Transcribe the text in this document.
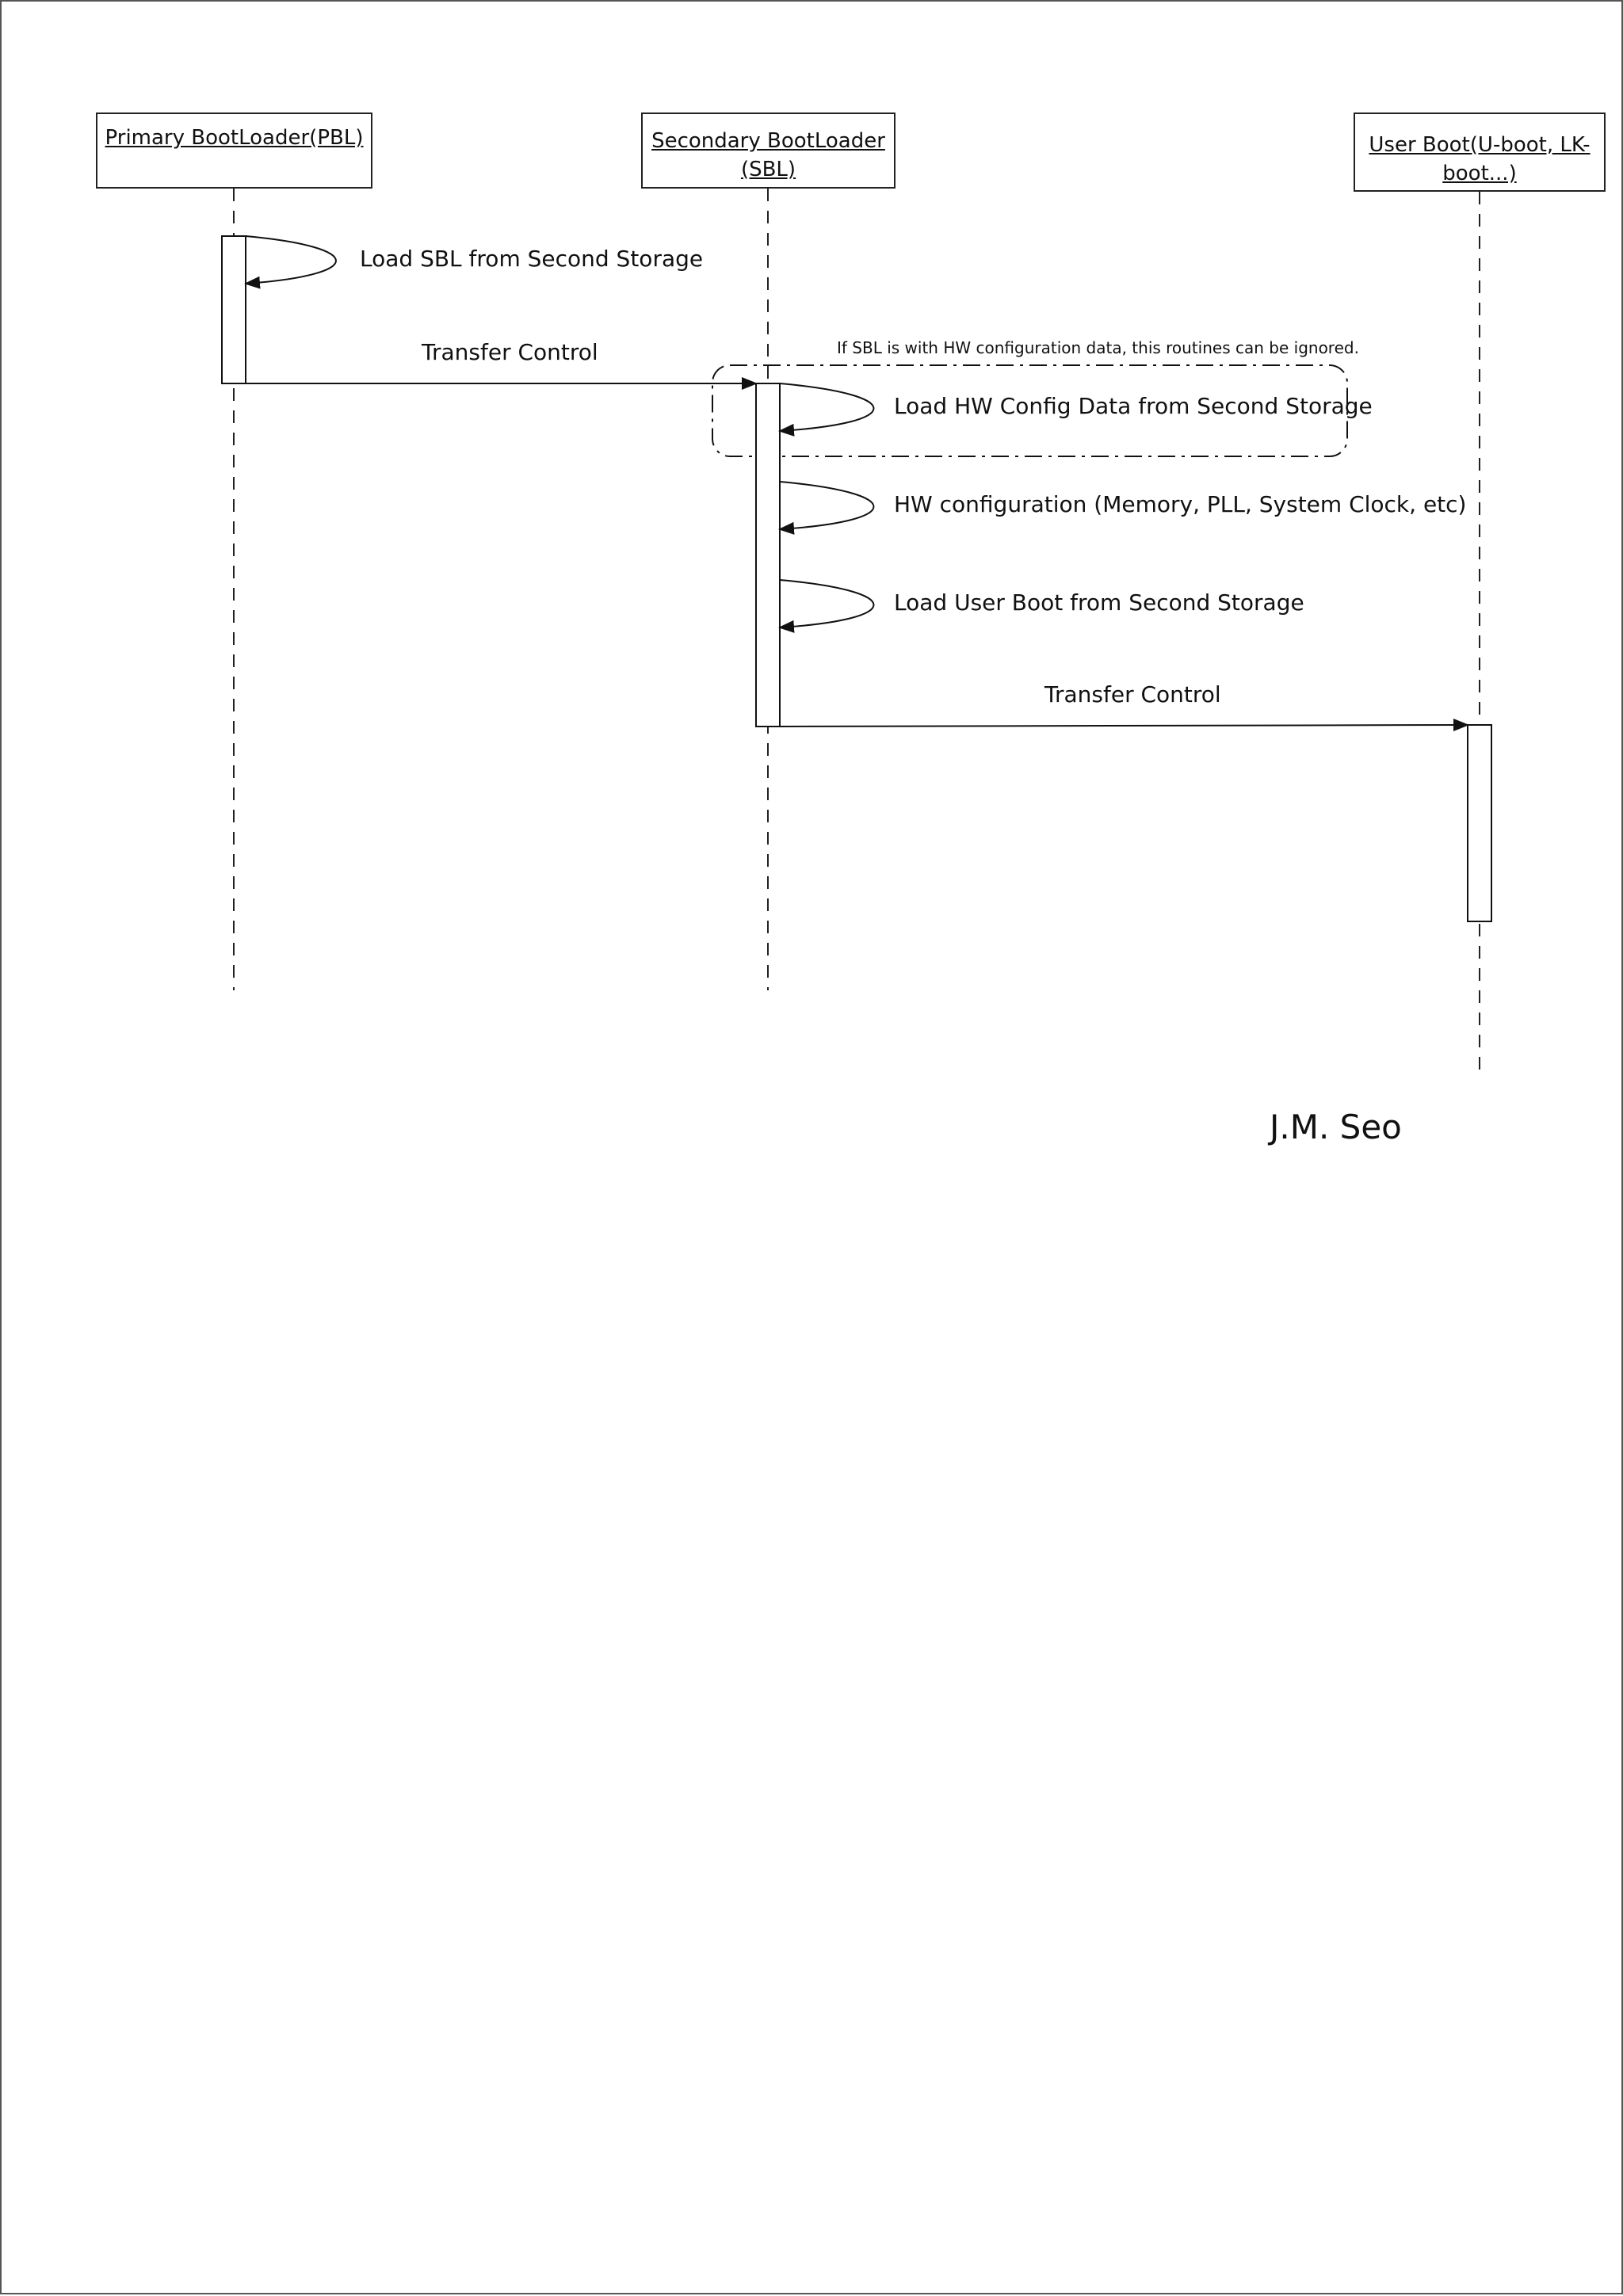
Primary BootLoader(PBL)	Secondary BootLoader
(SBL)
User Boot(U-boot, LK-
boot...)
Load SBL from Second Storage
Transfer Control	If SBL is with HW configuration data, this routines can be ignored.
Load HW Config Data from Second Storage
HW configuration (Memory, PLL, System Clock, etc)
Load User Boot from Second Storage
Transfer Control
J.M. Seo
